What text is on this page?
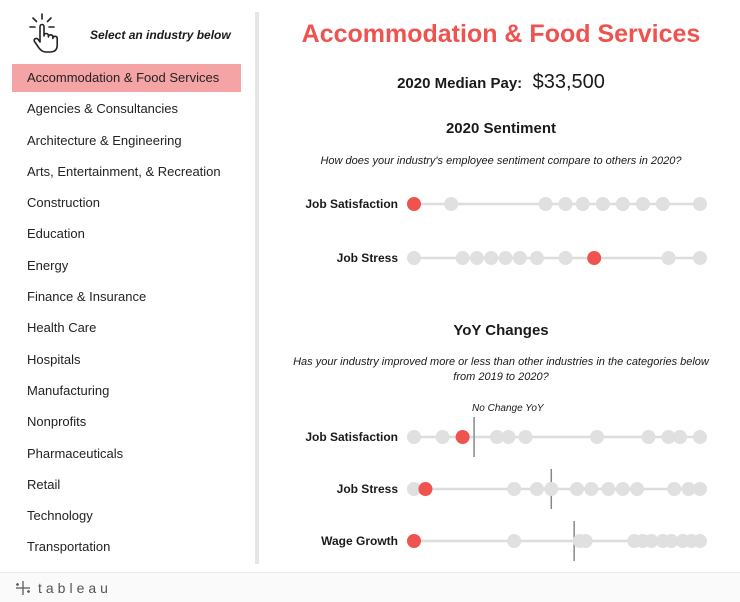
Select an industry below
Accommodation & Food Services
Agencies & Consultancies
Architecture & Engineering
Arts, Entertainment, & Recreation
Construction
Education
Energy
Finance & Insurance
Health Care
Hospitals
Manufacturing
Nonprofits
Pharmaceuticals
Retail
Technology
Transportation
Accommodation & Food Services
2020 Median Pay: $33,500
2020 Sentiment
How does your industry's employee sentiment compare to others in 2020?
YoY Changes
Has your industry improved more or less than other industries in the categories below
from 2019 to 2020?
Job Satisfaction
Job Stress
Job Satisfaction
Job Stress
Wage Growth
No Change YoY
tableau
